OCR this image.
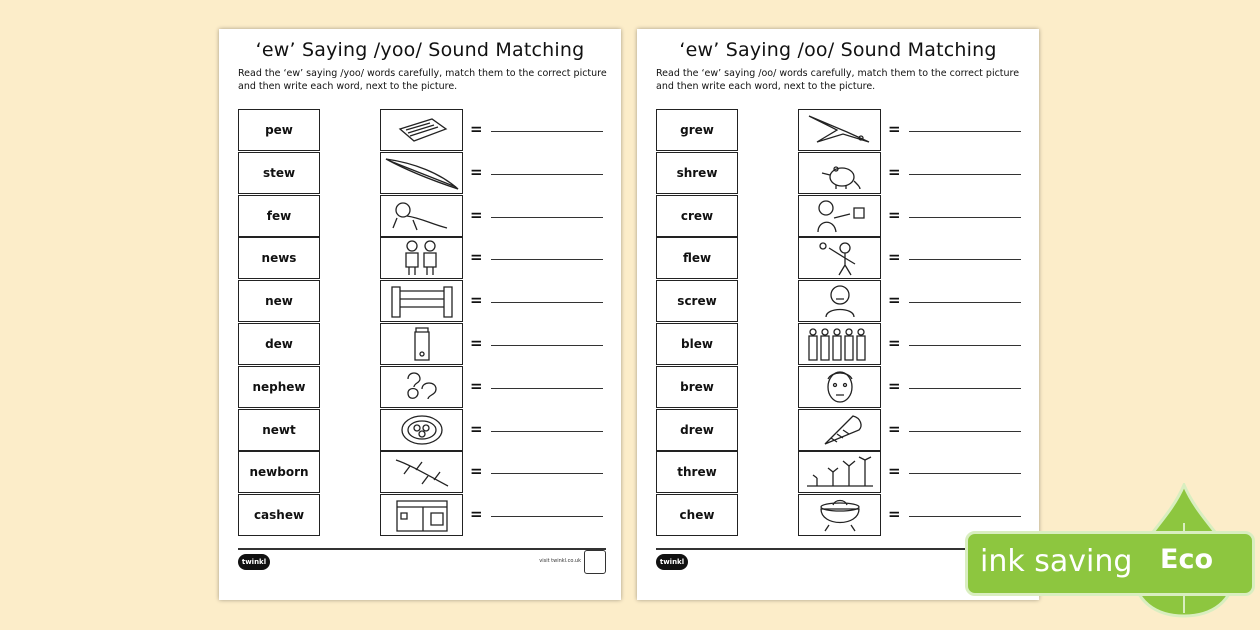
‘ew’ Saying /yoo/ Sound Matching
Read the ‘ew’ saying /yoo/ words carefully, match them to the correct picture and then write each word, next to the picture.
pew	=
stew	=
few	=
news	=
new	=
dew	=
nephew	=
newt	=
newborn	=
cashew	=
twinkl	visit twinkl.co.uk
‘ew’ Saying /oo/ Sound Matching
Read the ‘ew’ saying /oo/ words carefully, match them to the correct picture and then write each word, next to the picture.
grew	=
shrew	=
crew	=
flew	=
screw	=
blew	=
brew	=
drew	=
threw	=
chew	=
twinkl	ink saving Eco
